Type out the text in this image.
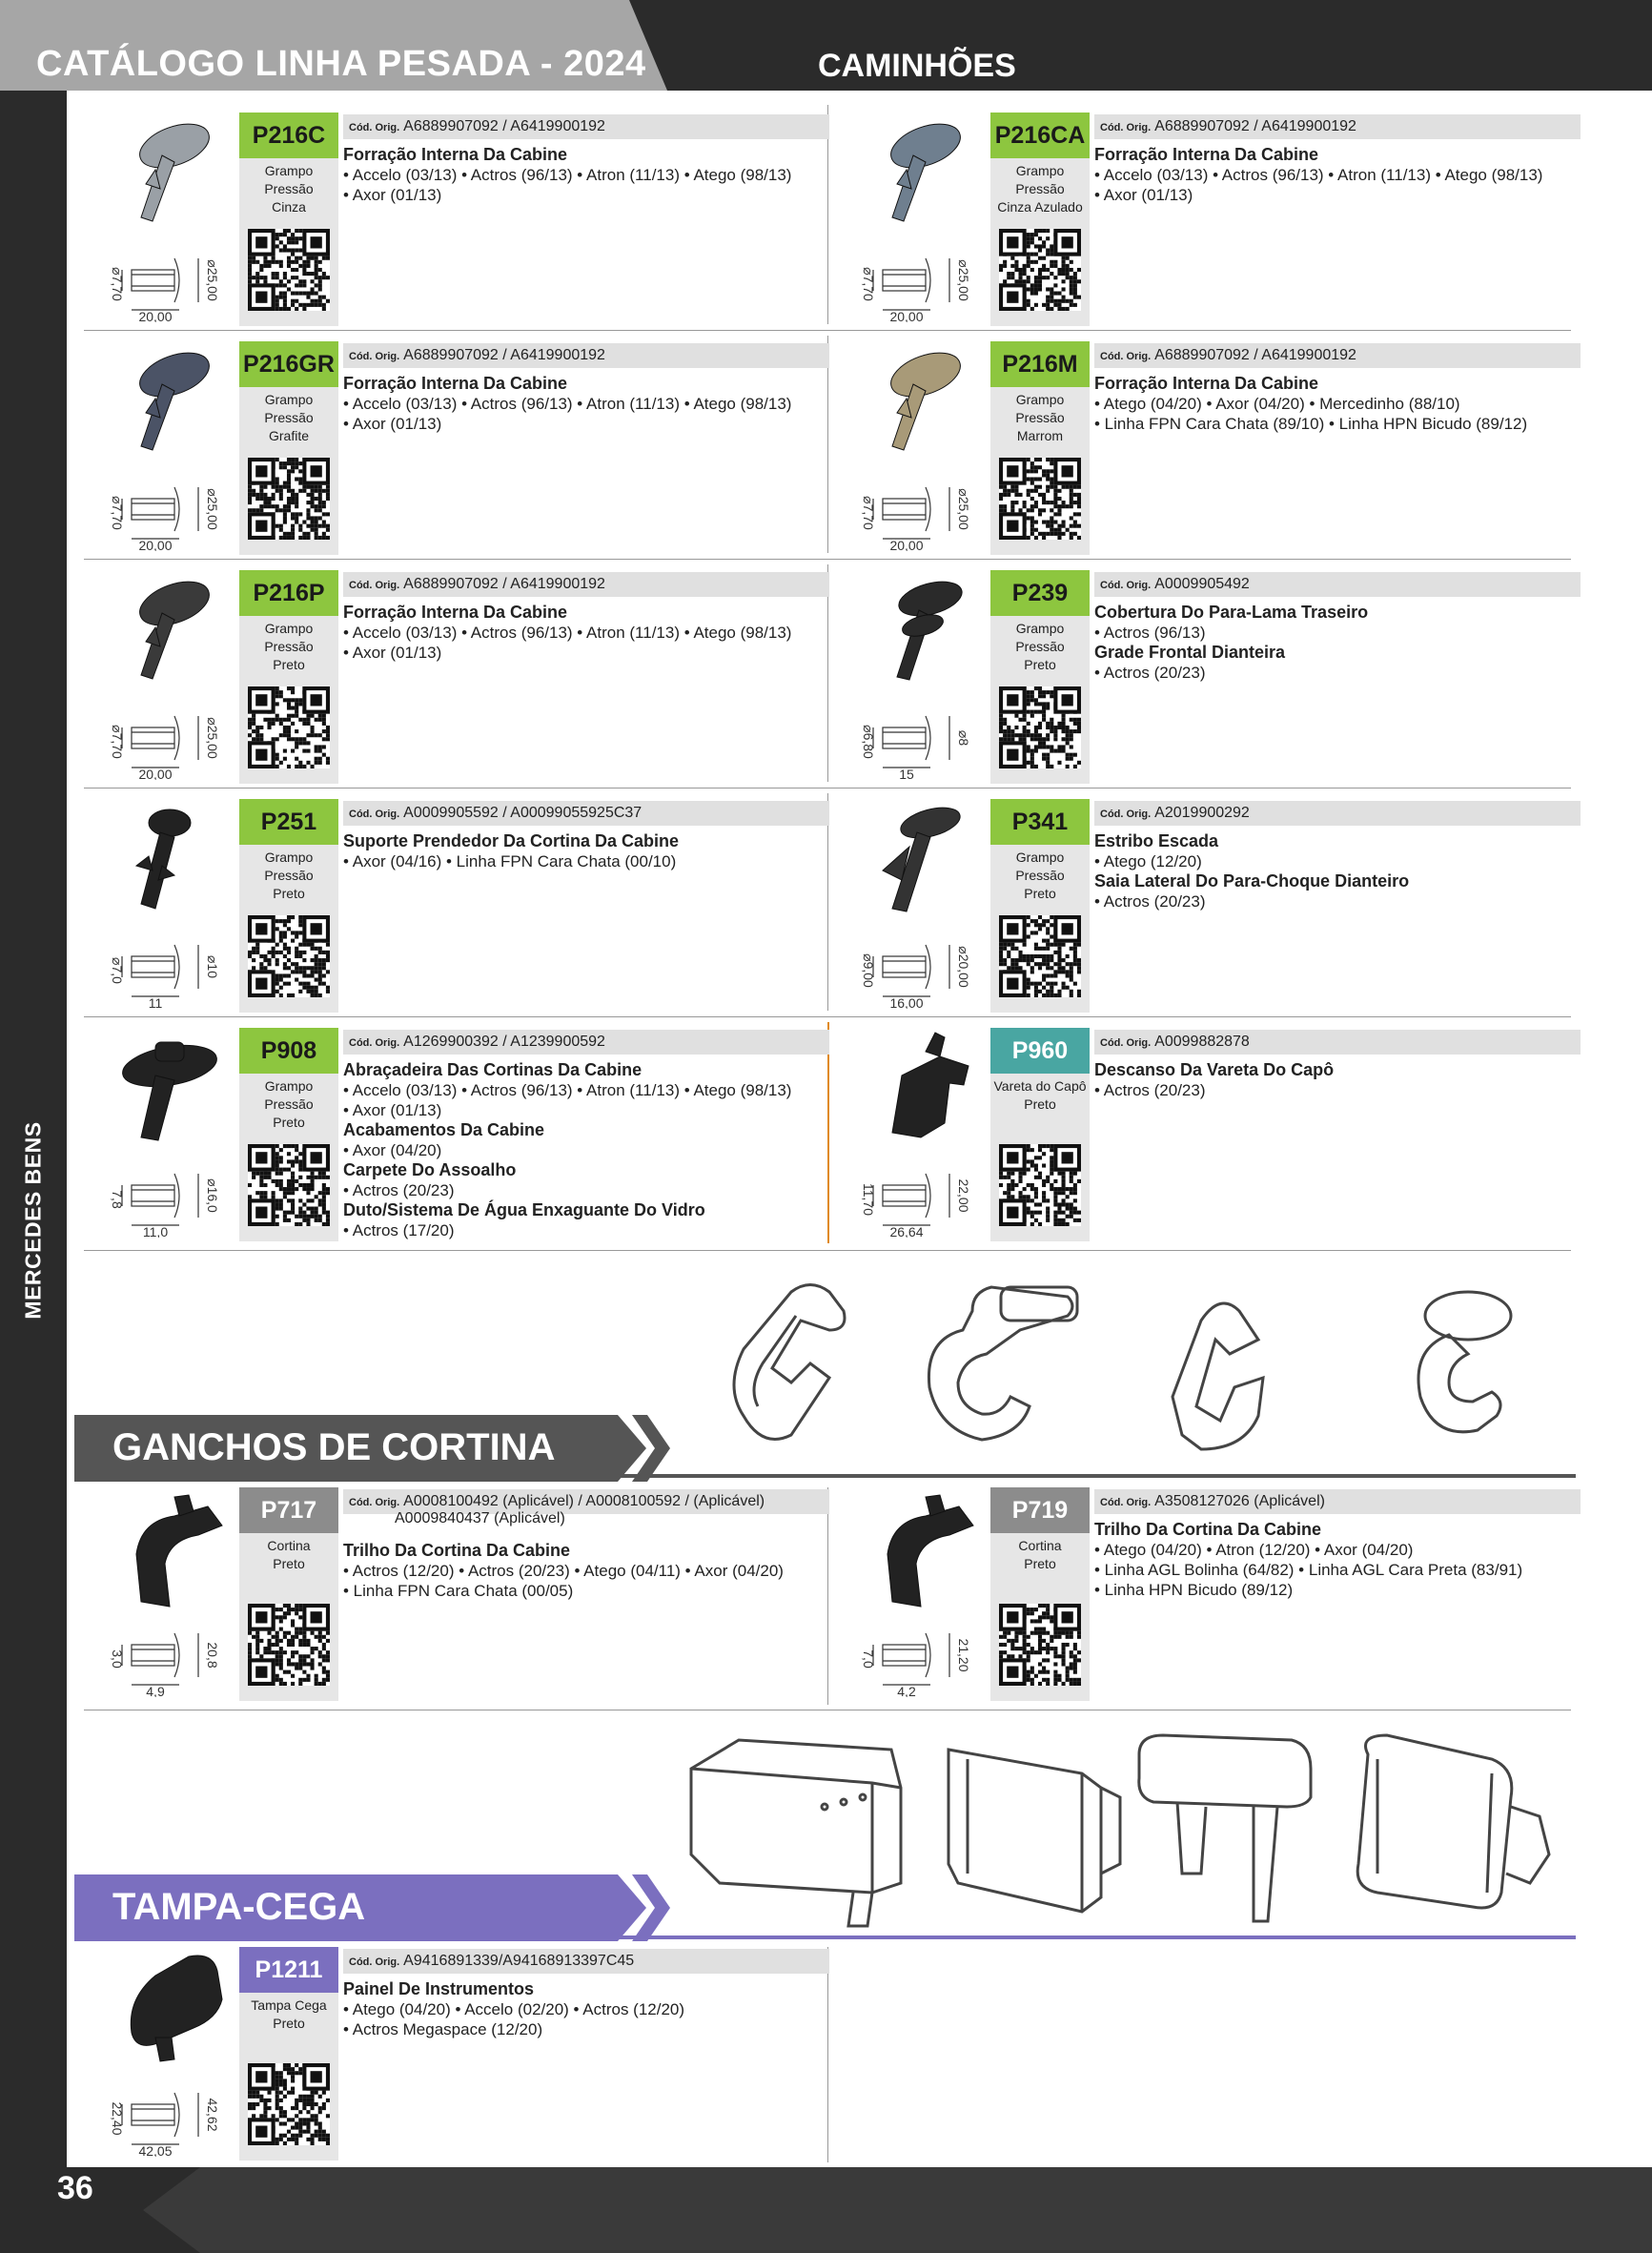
CATÁLOGO LINHA PESADA - 2024	CAMINHÕES
MERCEDES BENS
⌀7,70	⌀25,00
20,00
P216C
Grampo Pressão
Cinza
Cód. Orig. A6889907092 / A6419900192
Forração Interna Da Cabine
• Accelo (03/13) • Actros (96/13) • Atron (11/13) • Atego (98/13)
• Axor (01/13)
⌀7,70	⌀25,00
20,00
P216CA
Grampo Pressão
Cinza Azulado
Cód. Orig. A6889907092 / A6419900192
Forração Interna Da Cabine
• Accelo (03/13) • Actros (96/13) • Atron (11/13) • Atego (98/13)
• Axor (01/13)
⌀7,70	⌀25,00
20,00
P216GR
Grampo Pressão
Grafite
Cód. Orig. A6889907092 / A6419900192
Forração Interna Da Cabine
• Accelo (03/13) • Actros (96/13) • Atron (11/13) • Atego (98/13)
• Axor (01/13)
⌀7,70	⌀25,00
20,00
P216M
Grampo Pressão
Marrom
Cód. Orig. A6889907092 / A6419900192
Forração Interna Da Cabine
• Atego (04/20) • Axor (04/20) • Mercedinho (88/10)
• Linha FPN Cara Chata (89/10) • Linha HPN Bicudo (89/12)
⌀7,70	⌀25,00
20,00
P216P
Grampo Pressão
Preto
Cód. Orig. A6889907092 / A6419900192
Forração Interna Da Cabine
• Accelo (03/13) • Actros (96/13) • Atron (11/13) • Atego (98/13)
• Axor (01/13)
⌀6,80	⌀8
15
P239
Grampo Pressão
Preto
Cód. Orig. A0009905492
Cobertura Do Para-Lama Traseiro
• Actros (96/13)
Grade Frontal Dianteira
• Actros (20/23)
⌀7,0	⌀10
11
P251
Grampo Pressão
Preto
Cód. Orig. A0009905592 / A00099055925C37
Suporte Prendedor Da Cortina Da Cabine
• Axor (04/16) • Linha FPN Cara Chata (00/10)
⌀9,00	⌀20,00
16,00
P341
Grampo Pressão
Preto
Cód. Orig. A2019900292
Estribo Escada
• Atego (12/20)
Saia Lateral Do Para-Choque Dianteiro
• Actros (20/23)
7,8	⌀16,0
11,0
P908
Grampo Pressão
Preto
Cód. Orig. A1269900392 / A1239900592
Abraçadeira Das Cortinas Da Cabine
• Accelo (03/13) • Actros (96/13) • Atron (11/13) • Atego (98/13)
• Axor (01/13)
Acabamentos Da Cabine
• Axor (04/20)
Carpete Do Assoalho
• Actros (20/23)
Duto/Sistema De Água Enxaguante Do Vidro
• Actros (17/20)
11,70	22,00
26,64
P960
Vareta do Capô
Preto
Cód. Orig. A0099882878
Descanso Da Vareta Do Capô
• Actros (20/23)
3,0	20,8
4,9
P717
Cortina
Preto
Cód. Orig. A0008100492 (Aplicável) / A0008100592 / (Aplicável)
A0009840437 (Aplicável)
Trilho Da Cortina Da Cabine
• Actros (12/20) • Actros (20/23) • Atego (04/11) • Axor (04/20)
• Linha FPN Cara Chata (00/05)
7,0	21,20
4,2
P719
Cortina
Preto
Cód. Orig. A3508127026 (Aplicável)
Trilho Da Cortina Da Cabine
• Atego (04/20) • Atron (12/20) • Axor (04/20)
• Linha AGL Bolinha (64/82) • Linha AGL Cara Preta (83/91)
• Linha HPN Bicudo (89/12)
22,40	42,62
42,05
P1211
Tampa Cega
Preto
Cód. Orig. A9416891339/A94168913397C45
Painel De Instrumentos
• Atego (04/20) • Accelo (02/20) • Actros (12/20)
• Actros Megaspace (12/20)
GANCHOS DE CORTINA
TAMPA-CEGA
36
